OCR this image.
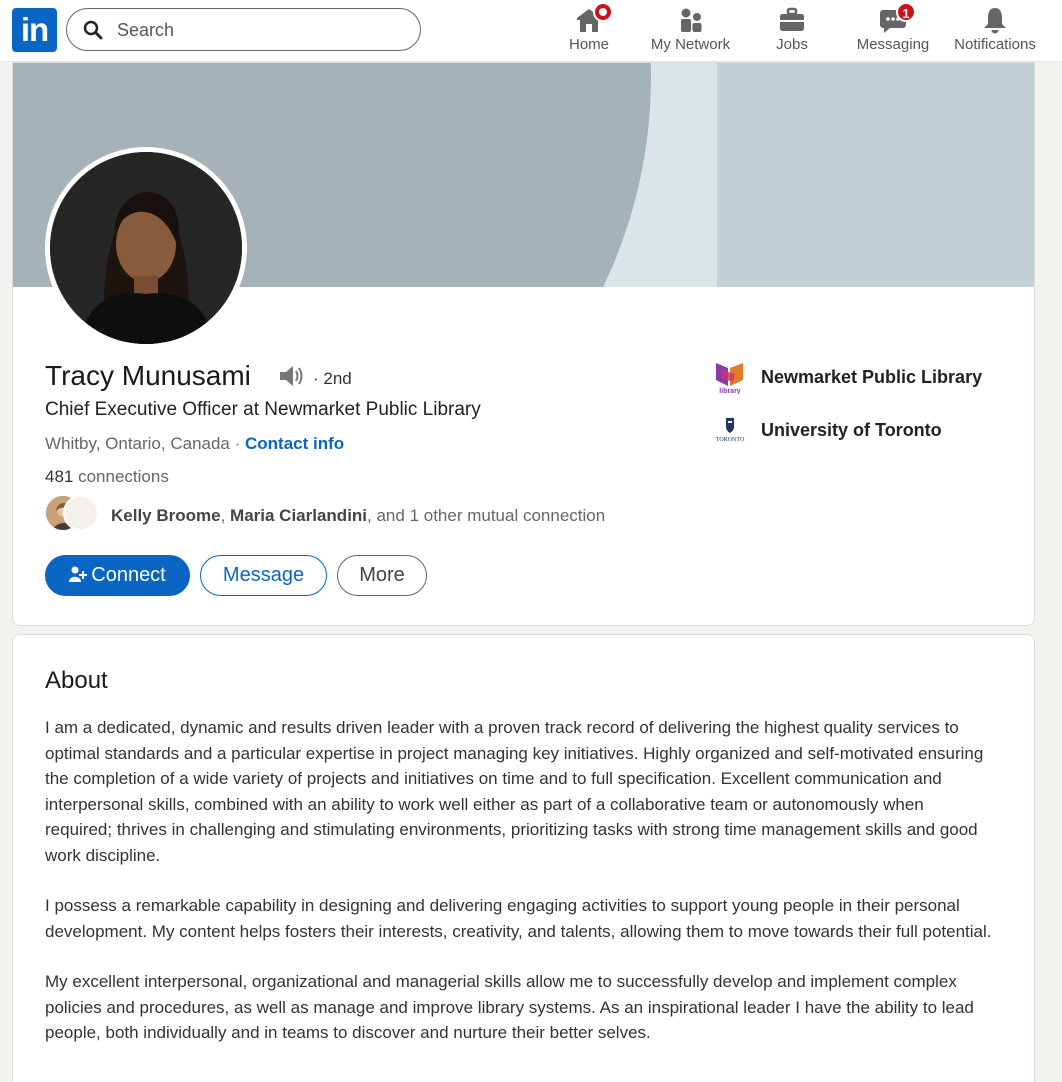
in
Search	Home	My Network	Jobs
1
Messaging	Notifications
Tracy Munusami	· 2nd
Chief Executive Officer at Newmarket Public Library
Whitby, Ontario, Canada · Contact info
481 connections
Kelly Broome, Maria Ciarlandini, and 1 other mutual connection
Connect	Message	More
library
Newmarket Public Library
TORONTO
University of Toronto
About

I am a dedicated, dynamic and results driven leader with a proven track record of delivering the highest quality services to optimal standards and a particular expertise in project managing key initiatives. Highly organized and self-motivated ensuring the completion of a wide variety of projects and initiatives on time and to full specification. Excellent communication and interpersonal skills, combined with an ability to work well either as part of a collaborative team or autonomously when required; thrives in challenging and stimulating environments, prioritizing tasks with strong time management skills and good work discipline.

I possess a remarkable capability in designing and delivering engaging activities to support young people in their personal development. My content helps fosters their interests, creativity, and talents, allowing them to move towards their full potential.

My excellent interpersonal, organizational and managerial skills allow me to successfully develop and implement complex policies and procedures, as well as manage and improve library systems. As an inspirational leader I have the ability to lead people, both individually and in teams to discover and nurture their better selves.
